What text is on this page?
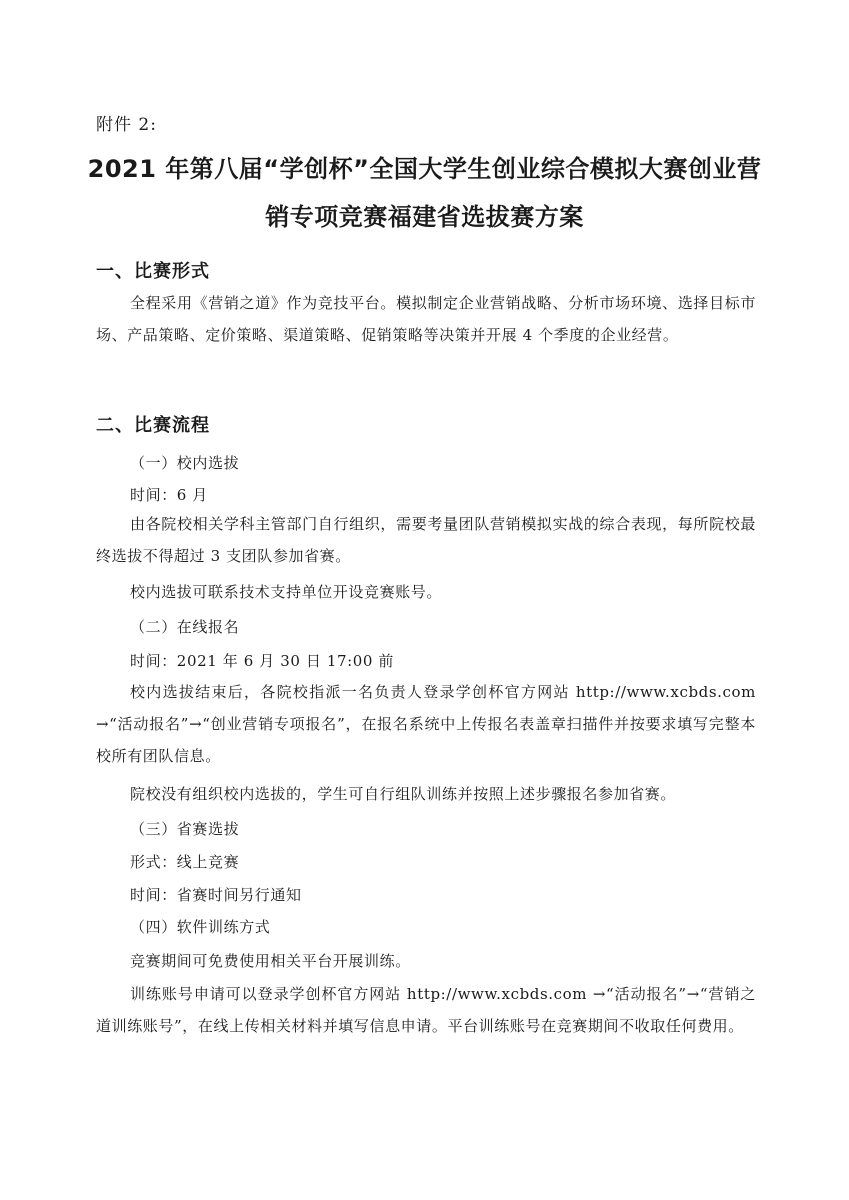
附件 2:
2021 年第八届“学创杯”全国大学生创业综合模拟大赛创业营销专项竞赛福建省选拔赛方案
一、比赛形式
全程采用《营销之道》作为竞技平台。模拟制定企业营销战略、分析市场环境、选择目标市场、产品策略、定价策略、渠道策略、促销策略等决策并开展 4 个季度的企业经营。
二、比赛流程
（一）校内选拔
时间：6 月
由各院校相关学科主管部门自行组织，需要考量团队营销模拟实战的综合表现，每所院校最终选拔不得超过 3 支团队参加省赛。
校内选拔可联系技术支持单位开设竞赛账号。
（二）在线报名
时间：2021 年 6 月 30 日 17:00 前
校内选拔结束后，各院校指派一名负责人登录学创杯官方网站 http://www.xcbds.com →“活动报名”→“创业营销专项报名”，在报名系统中上传报名表盖章扫描件并按要求填写完整本校所有团队信息。
院校没有组织校内选拔的，学生可自行组队训练并按照上述步骤报名参加省赛。
（三）省赛选拔
形式：线上竞赛
时间：省赛时间另行通知
（四）软件训练方式
竞赛期间可免费使用相关平台开展训练。
训练账号申请可以登录学创杯官方网站 http://www.xcbds.com →“活动报名”→“营销之道训练账号”，在线上传相关材料并填写信息申请。平台训练账号在竞赛期间不收取任何费用。
